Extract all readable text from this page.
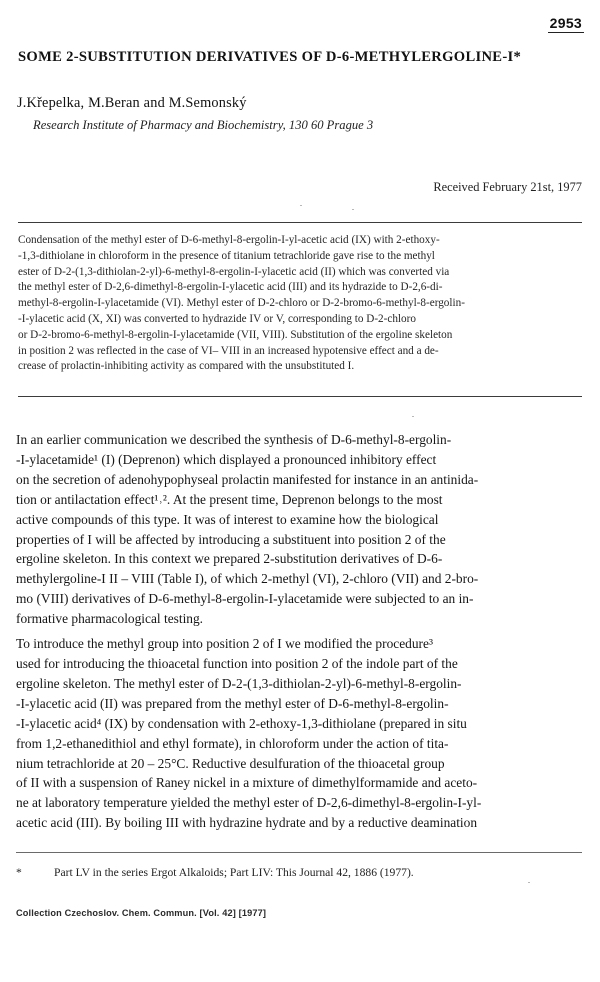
2953
SOME 2-SUBSTITUTION DERIVATIVES OF D-6-METHYLERGOLINE-I*
J.Křepelka, M.Beran and M.Semonský
Research Institute of Pharmacy and Biochemistry, 130 60 Prague 3
Received February 21st, 1977
Condensation of the methyl ester of D-6-methyl-8-ergolin-I-yl-acetic acid (IX) with 2-ethoxy-
-1,3-dithiolane in chloroform in the presence of titanium tetrachloride gave rise to the methyl
ester of D-2-(1,3-dithiolan-2-yl)-6-methyl-8-ergolin-I-ylacetic acid (II) which was converted via
the methyl ester of D-2,6-dimethyl-8-ergolin-I-ylacetic acid (III) and its hydrazide to D-2,6-di-
methyl-8-ergolin-I-ylacetamide (VI). Methyl ester of D-2-chloro or D-2-bromo-6-methyl-8-ergolin-
-I-ylacetic acid (X, XI) was converted to hydrazide IV or V, corresponding to D-2-chloro
or D-2-bromo-6-methyl-8-ergolin-I-ylacetamide (VII, VIII). Substitution of the ergoline skeleton
in position 2 was reflected in the case of VI– VIII in an increased hypotensive effect and a de-
crease of prolactin-inhibiting activity as compared with the unsubstituted I.
In an earlier communication we described the synthesis of D-6-methyl-8-ergolin-
-I-ylacetamide¹ (I) (Deprenon) which displayed a pronounced inhibitory effect
on the secretion of adenohypophyseal prolactin manifested for instance in an antinida-
tion or antilactation effect¹˒². At the present time, Deprenon belongs to the most
active compounds of this type. It was of interest to examine how the biological
properties of I will be affected by introducing a substituent into position 2 of the
ergoline skeleton. In this context we prepared 2-substitution derivatives of D-6-
methylergoline-I II – VIII (Table I), of which 2-methyl (VI), 2-chloro (VII) and 2-bro-
mo (VIII) derivatives of D-6-methyl-8-ergolin-I-ylacetamide were subjected to an in-
formative pharmacological testing.
To introduce the methyl group into position 2 of I we modified the procedure³
used for introducing the thioacetal function into position 2 of the indole part of the
ergoline skeleton. The methyl ester of D-2-(1,3-dithiolan-2-yl)-6-methyl-8-ergolin-
-I-ylacetic acid (II) was prepared from the methyl ester of D-6-methyl-8-ergolin-
-I-ylacetic acid⁴ (IX) by condensation with 2-ethoxy-1,3-dithiolane (prepared in situ
from 1,2-ethanedithiol and ethyl formate), in chloroform under the action of tita-
nium tetrachloride at 20 – 25°C. Reductive desulfuration of the thioacetal group
of II with a suspension of Raney nickel in a mixture of dimethylformamide and aceto-
ne at laboratory temperature yielded the methyl ester of D-2,6-dimethyl-8-ergolin-I-yl-
acetic acid (III). By boiling III with hydrazine hydrate and by a reductive deamination
*	Part LV in the series Ergot Alkaloids; Part LIV: This Journal 42, 1886 (1977).
Collection Czechoslov. Chem. Commun. [Vol. 42] [1977]
